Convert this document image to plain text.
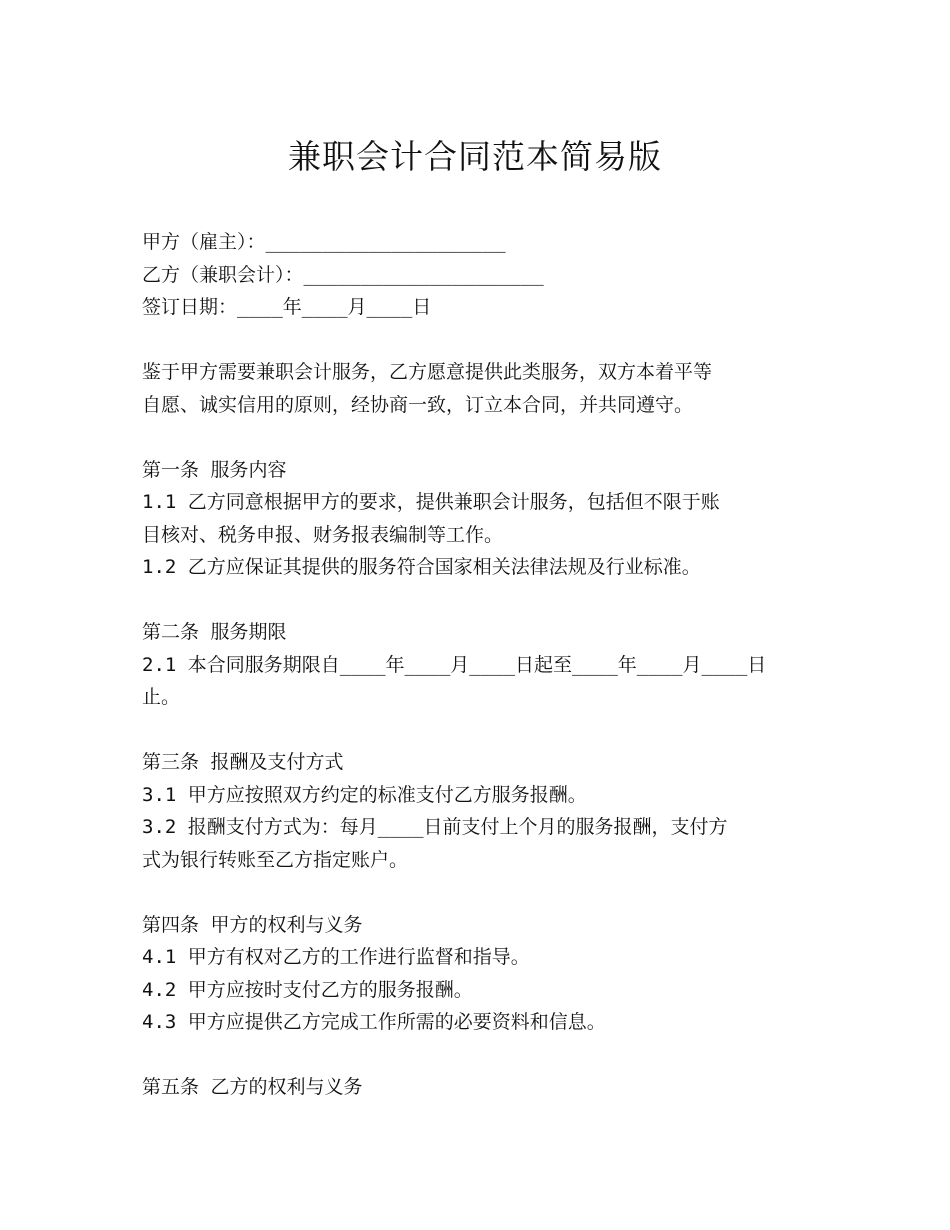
兼职会计合同范本简易版
甲方（雇主）：_____________________
乙方（兼职会计）：_____________________
签订日期：____年____月____日
鉴于甲方需要兼职会计服务，乙方愿意提供此类服务，双方本着平等
自愿、诚实信用的原则，经协商一致，订立本合同，并共同遵守。
第一条 服务内容
1.1 乙方同意根据甲方的要求，提供兼职会计服务，包括但不限于账
目核对、税务申报、财务报表编制等工作。
1.2 乙方应保证其提供的服务符合国家相关法律法规及行业标准。
第二条 服务期限
2.1 本合同服务期限自____年____月____日起至____年____月____日
止。
第三条 报酬及支付方式
3.1 甲方应按照双方约定的标准支付乙方服务报酬。
3.2 报酬支付方式为：每月____日前支付上个月的服务报酬，支付方
式为银行转账至乙方指定账户。
第四条 甲方的权利与义务
4.1 甲方有权对乙方的工作进行监督和指导。
4.2 甲方应按时支付乙方的服务报酬。
4.3 甲方应提供乙方完成工作所需的必要资料和信息。
第五条 乙方的权利与义务
